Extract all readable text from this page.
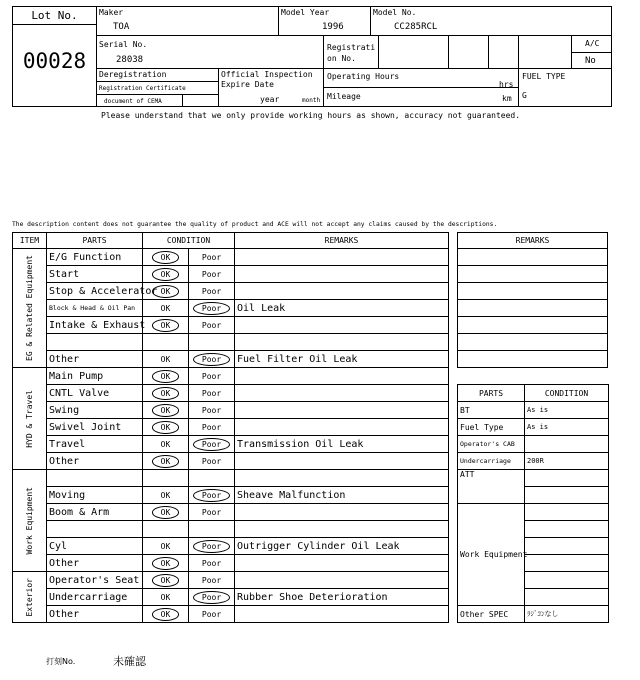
Lot No.
00028
Maker
TOA
Model Year
1996
Model No.
CC285RCL
Serial No.
28038
Registrati on No.
A/C
No
Deregistration
Registration Certificate
document of CEMA
Official Inspection Expire Date
year	month
Operating Hours
hrs
Mileage	km
FUEL TYPE
G
Please understand that we only provide working hours as shown, accuracy not guaranteed.
The description content does not guarantee the quality of product and ACE will not accept any claims caused by the descriptions.
ITEM	PARTS	CONDITION		REMARKS

EG & Related Equipment	E/G Function	OK	Poor	
	Start	OK	Poor	
	Stop & Accelerator	OK	Poor	
	Block & Head & Oil Pan	OK	Poor	Oil Leak
	Intake & Exhaust	OK	Poor	

	Other	OK	Poor	Fuel Filter Oil Leak

HYD & Travel	Main Pump	OK	Poor	
	CNTL Valve	OK	Poor	
	Swing	OK	Poor	
	Swivel Joint	OK	Poor	
	Travel	OK	Poor	Transmission Oil Leak
	Other	OK	Poor	

Work Equipment				

	Moving	OK	Poor	Sheave Malfunction
	Boom & Arm	OK	Poor	

	Cyl	OK	Poor	Outrigger Cylinder Oil Leak
	Other	OK	Poor	

Exterior	Operator's Seat	OK	Poor	
	Undercarriage	OK	Poor	Rubber Shoe Deterioration
	Other	OK	Poor	
REMARKS

PARTS	CONDITION
BT	As is
Fuel Type	As is
Operator's CAB	
Undercarriage	200R
ATT	

Work Equipment	

Other SPEC	ﾗｼﾞｺﾝなし
打刻No.	未確認
